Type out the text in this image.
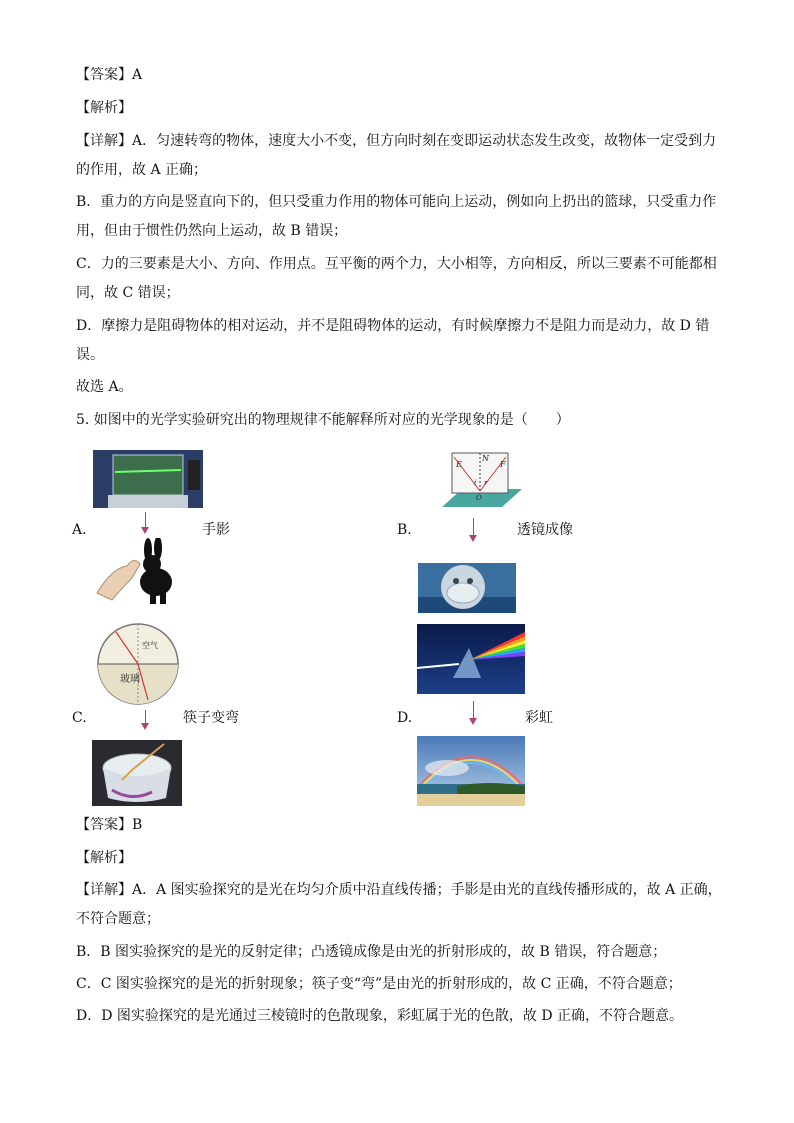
【答案】A
【解析】
【详解】A．匀速转弯的物体，速度大小不变，但方向时刻在变即运动状态发生改变，故物体一定受到力
的作用，故 A 正确；
B．重力的方向是竖直向下的，但只受重力作用的物体可能向上运动，例如向上扔出的篮球，只受重力作
用，但由于惯性仍然向上运动，故 B 错误；
C．力的三要素是大小、方向、作用点。互平衡的两个力，大小相等，方向相反，所以三要素不可能都相
同，故 C 错误；
D．摩擦力是阻碍物体的相对运动，并不是阻碍物体的运动，有时候摩擦力不是阻力而是动力，故 D 错
误。
故选 A。
5. 如图中的光学实验研究出的物理规律不能解释所对应的光学现象的是（　　）
A.	手影
E
N
F
i r
O
B.	透镜成像
玻璃
空气
C.	筷子变弯	D.	彩虹
【答案】B
【解析】
【详解】A．A 图实验探究的是光在均匀介质中沿直线传播；手影是由光的直线传播形成的，故 A 正确，
不符合题意；
B．B 图实验探究的是光的反射定律；凸透镜成像是由光的折射形成的，故 B 错误，符合题意；
C．C 图实验探究的是光的折射现象；筷子变“弯”是由光的折射形成的，故 C 正确，不符合题意；
D．D 图实验探究的是光通过三棱镜时的色散现象，彩虹属于光的色散，故 D 正确，不符合题意。
